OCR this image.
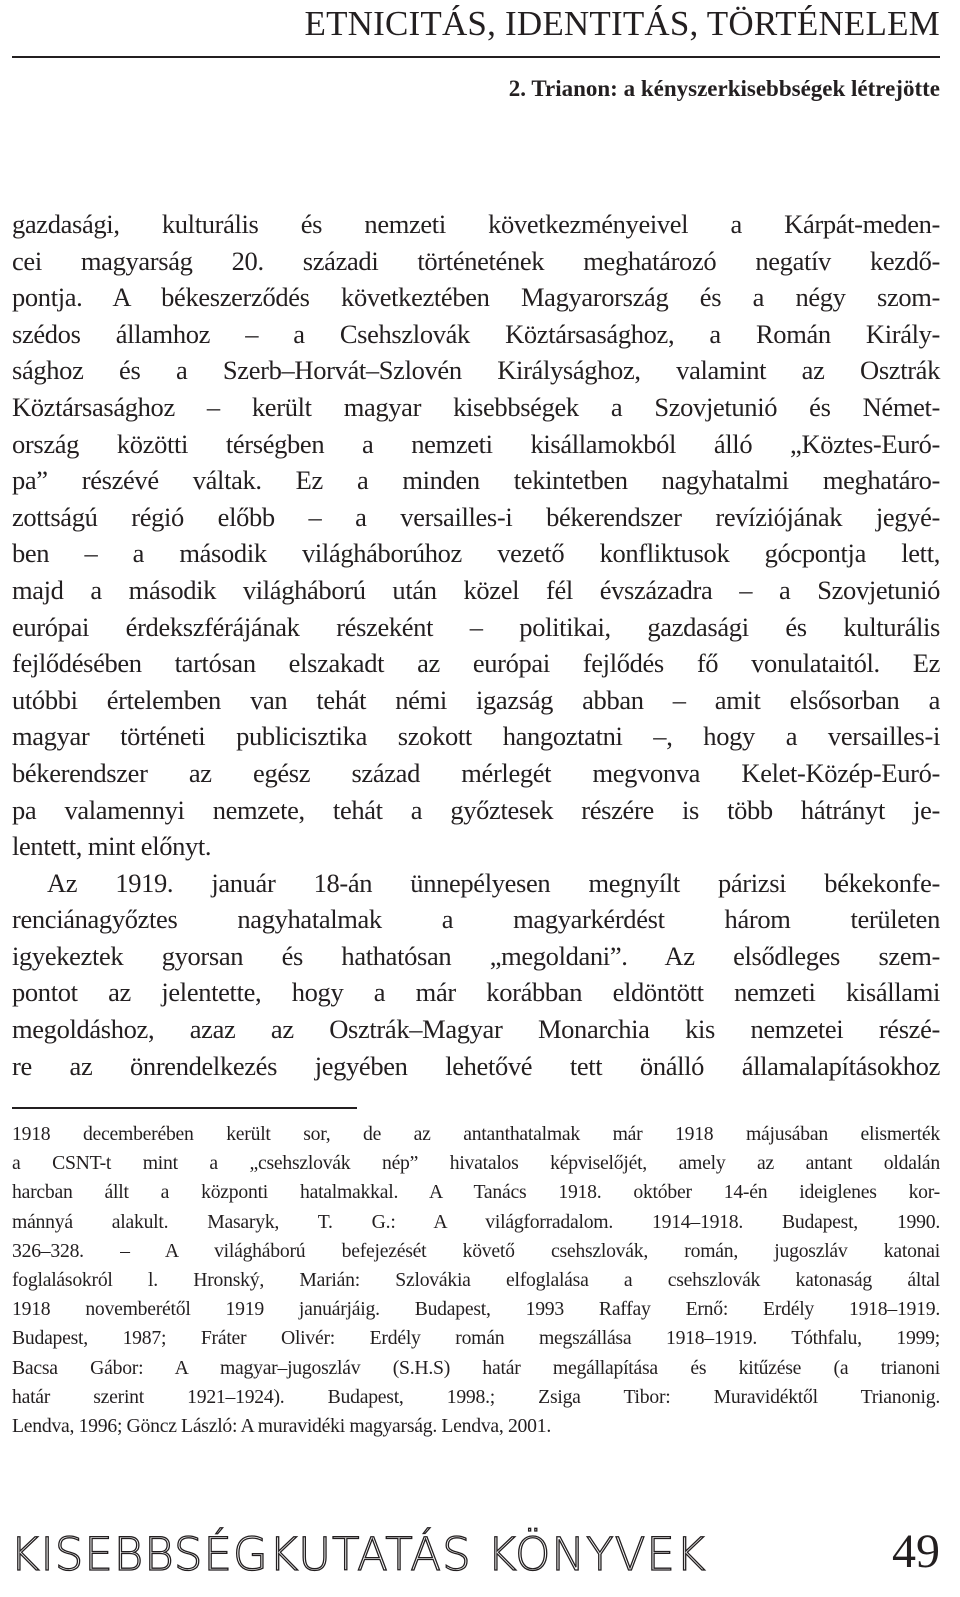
ETNICITÁS, IDENTITÁS, TÖRTÉNELEM
2. Trianon: a kényszerkisebbségek létrejötte
gazdasági, kulturális és nemzeti következményeivel a Kárpát-meden-
cei magyarság 20. századi történetének meghatározó negatív kezdő-
pontja. A békeszerződés következtében Magyarország és a négy szom-
szédos államhoz – a Csehszlovák Köztársasághoz, a Román Király-
sághoz és a Szerb–Horvát–Szlovén Királysághoz, valamint az Osztrák
Köztársasághoz – került magyar kisebbségek a Szovjetunió és Német-
ország közötti térségben a nemzeti kisállamokból álló „Köztes-Euró-
pa” részévé váltak. Ez a minden tekintetben nagyhatalmi meghatáro-
zottságú régió előbb – a versailles-i békerendszer revíziójának jegyé-
ben – a második világháborúhoz vezető konfliktusok gócpontja lett,
majd a második világháború után közel fél évszázadra – a Szovjetunió
európai érdekszférájának részeként – politikai, gazdasági és kulturális
fejlődésében tartósan elszakadt az európai fejlődés fő vonulataitól. Ez
utóbbi értelemben van tehát némi igazság abban – amit elsősorban a
magyar történeti publicisztika szokott hangoztatni –, hogy a versailles-i
békerendszer az egész század mérlegét megvonva Kelet-Közép-Euró-
pa valamennyi nemzete, tehát a győztesek részére is több hátrányt je-
lentett, mint előnyt.
Az 1919. január 18-án ünnepélyesen megnyílt párizsi békekonfe-
renciánagyőztes nagyhatalmak a magyarkérdést három területen
igyekeztek gyorsan és hathatósan „megoldani”. Az elsődleges szem-
pontot az jelentette, hogy a már korábban eldöntött nemzeti kisállami
megoldáshoz, azaz az Osztrák–Magyar Monarchia kis nemzetei részé-
re az önrendelkezés jegyében lehetővé tett önálló államalapításokhoz
1918 decemberében került sor, de az antanthatalmak már 1918 májusában elismerték
a CSNT-t mint a „csehszlovák nép” hivatalos képviselőjét, amely az antant oldalán
harcban állt a központi hatalmakkal. A Tanács 1918. október 14-én ideiglenes kor-
mánnyá alakult. Masaryk, T. G.: A világforradalom. 1914–1918. Budapest, 1990.
326–328. – A világháború befejezését követő csehszlovák, román, jugoszláv katonai
foglalásokról l. Hronský, Marián: Szlovákia elfoglalása a csehszlovák katonaság által
1918 novemberétől 1919 januárjáig. Budapest, 1993 Raffay Ernő: Erdély 1918–1919.
Budapest, 1987; Fráter Olivér: Erdély román megszállása 1918–1919. Tóthfalu, 1999;
Bacsa Gábor: A magyar–jugoszláv (S.H.S) határ megállapítása és kitűzése (a trianoni
határ szerint 1921–1924). Budapest, 1998.; Zsiga Tibor: Muravidéktől Trianonig.
Lendva, 1996; Göncz László: A muravidéki magyarság. Lendva, 2001.
KISEBBSÉGKUTATÁS KÖNYVEK	49
